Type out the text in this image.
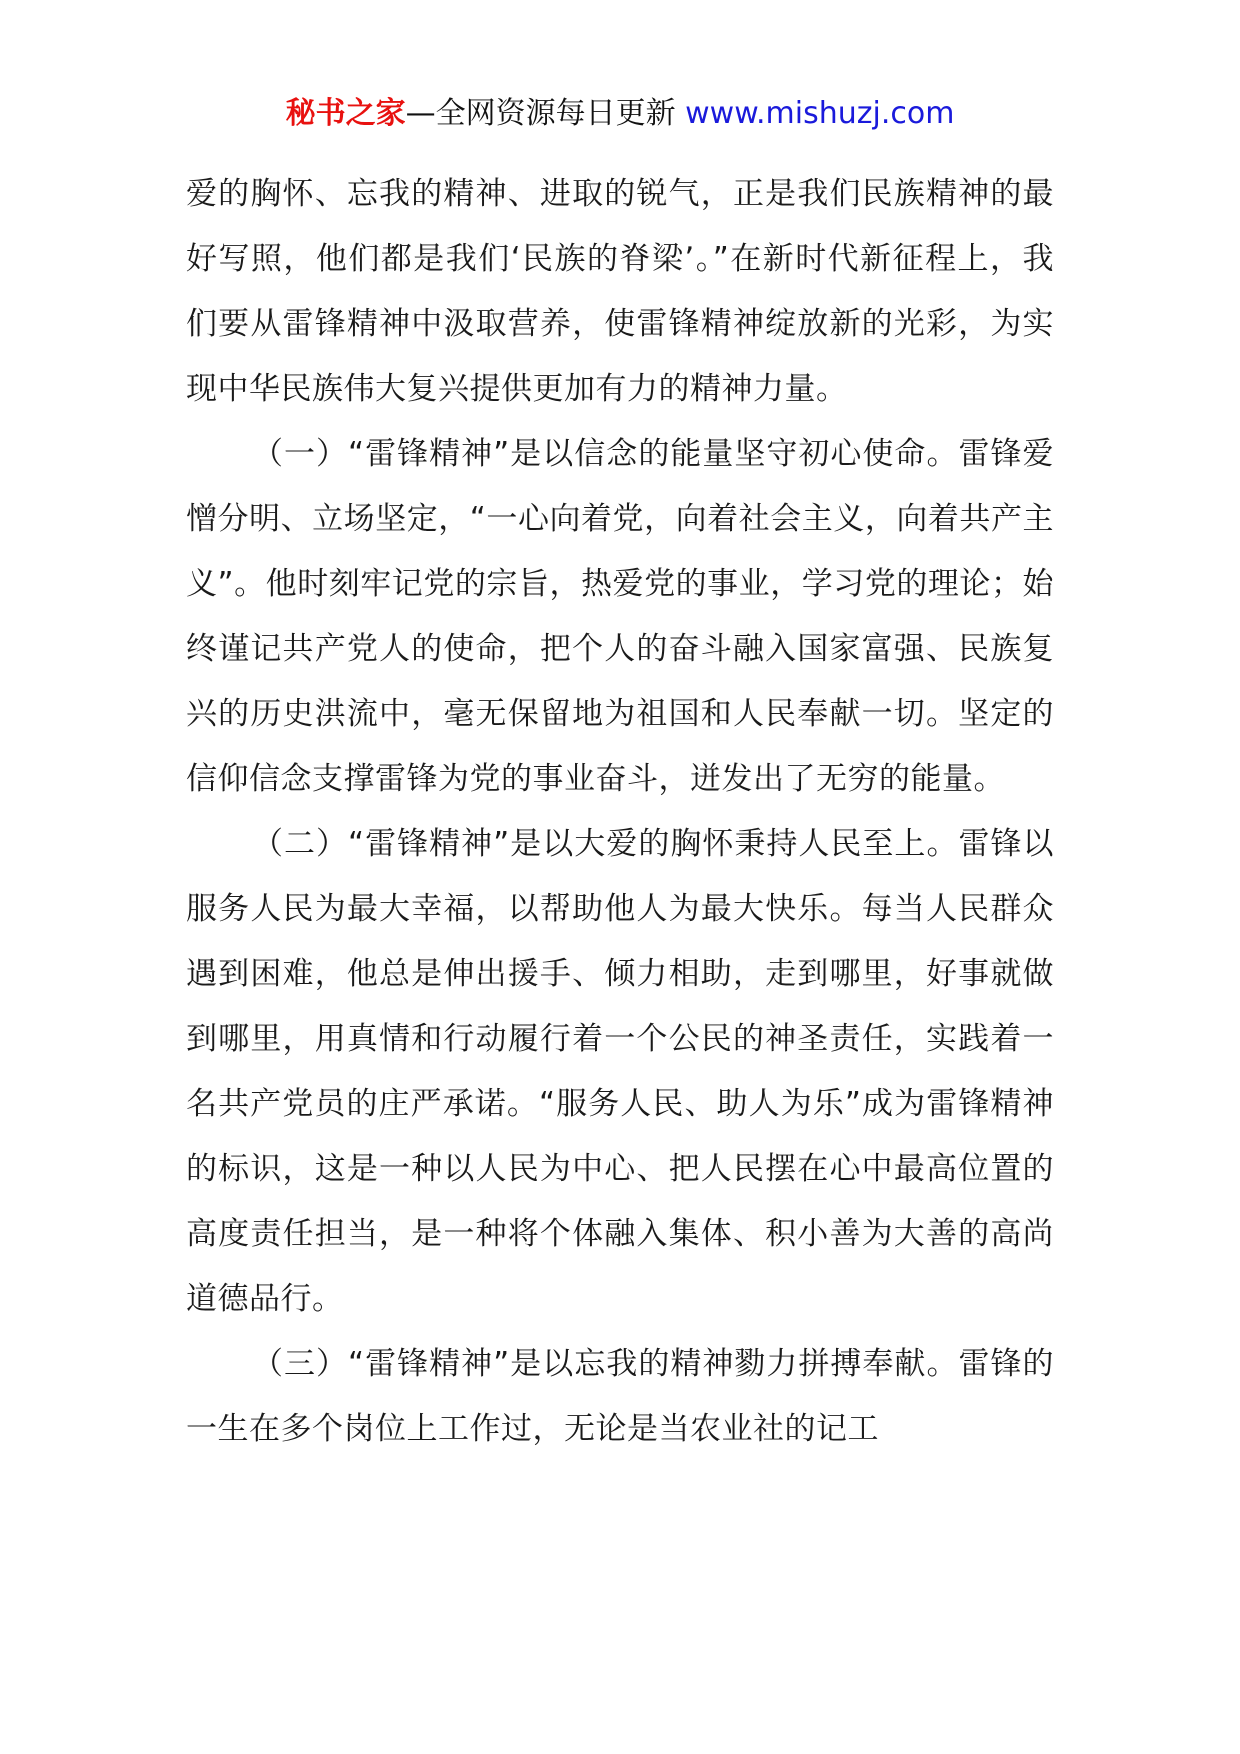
秘书之家—全网资源每日更新 www.mishuzj.com

爱的胸怀、忘我的精神、进取的锐气，正是我们民族精神的最好写照，他们都是我们‘民族的脊梁’。”在新时代新征程上，我们要从雷锋精神中汲取营养，使雷锋精神绽放新的光彩，为实现中华民族伟大复兴提供更加有力的精神力量。

（一）“雷锋精神”是以信念的能量坚守初心使命。雷锋爱憎分明、立场坚定，“一心向着党，向着社会主义，向着共产主义”。他时刻牢记党的宗旨，热爱党的事业，学习党的理论；始终谨记共产党人的使命，把个人的奋斗融入国家富强、民族复兴的历史洪流中，毫无保留地为祖国和人民奉献一切。坚定的信仰信念支撑雷锋为党的事业奋斗，迸发出了无穷的能量。

（二）“雷锋精神”是以大爱的胸怀秉持人民至上。雷锋以服务人民为最大幸福，以帮助他人为最大快乐。每当人民群众遇到困难，他总是伸出援手、倾力相助，走到哪里，好事就做到哪里，用真情和行动履行着一个公民的神圣责任，实践着一名共产党员的庄严承诺。“服务人民、助人为乐”成为雷锋精神的标识，这是一种以人民为中心、把人民摆在心中最高位置的高度责任担当，是一种将个体融入集体、积小善为大善的高尚道德品行。

（三）“雷锋精神”是以忘我的精神勠力拼搏奉献。雷锋的一生在多个岗位上工作过，无论是当农业社的记工
